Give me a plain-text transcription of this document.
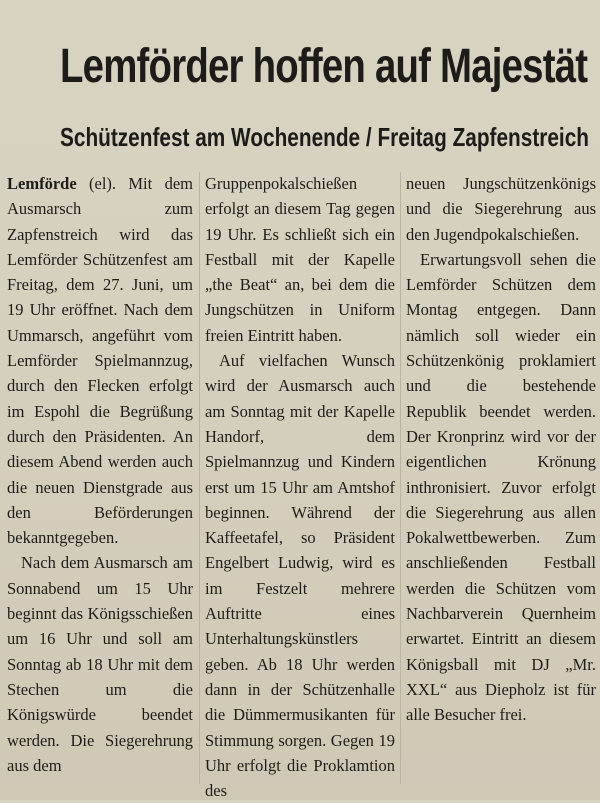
Lemförder hoffen auf Majestät
Schützenfest am Wochenende / Freitag Zapfenstreich

Lemförde (el). Mit dem Ausmarsch zum Zapfenstreich wird das Lemförder Schützenfest am Freitag, dem 27. Juni, um 19 Uhr eröffnet. Nach dem Ummarsch, angeführt vom Lemförder Spielmannzug, durch den Flecken erfolgt im Espohl die Begrüßung durch den Präsidenten. An diesem Abend werden auch die neuen Dienstgrade aus den Beförderungen bekanntgegeben.

Nach dem Ausmarsch am Sonnabend um 15 Uhr beginnt das Königsschießen um 16 Uhr und soll am Sonntag ab 18 Uhr mit dem Stechen um die Königswürde beendet werden. Die Siegerehrung aus dem

Gruppenpokalschießen erfolgt an diesem Tag gegen 19 Uhr. Es schließt sich ein Festball mit der Kapelle „the Beat“ an, bei dem die Jungschützen in Uniform freien Eintritt haben.

Auf vielfachen Wunsch wird der Ausmarsch auch am Sonntag mit der Kapelle Handorf, dem Spielmannzug und Kindern erst um 15 Uhr am Amtshof beginnen. Während der Kaffeetafel, so Präsident Engelbert Ludwig, wird es im Festzelt mehrere Auftritte eines Unterhaltungskünstlers geben. Ab 18 Uhr werden dann in der Schützenhalle die Dümmermusikanten für Stimmung sorgen. Gegen 19 Uhr erfolgt die Proklamtion des

neuen Jungschützenkönigs und die Siegerehrung aus den Jugendpokalschießen.

Erwartungsvoll sehen die Lemförder Schützen dem Montag entgegen. Dann nämlich soll wieder ein Schützenkönig proklamiert und die bestehende Republik beendet werden. Der Kronprinz wird vor der eigentlichen Krönung inthronisiert. Zuvor erfolgt die Siegerehrung aus allen Pokalwettbewerben. Zum anschließenden Festball werden die Schützen vom Nachbarverein Quernheim erwartet. Eintritt an diesem Königsball mit DJ „Mr. XXL“ aus Diepholz ist für alle Besucher frei.
